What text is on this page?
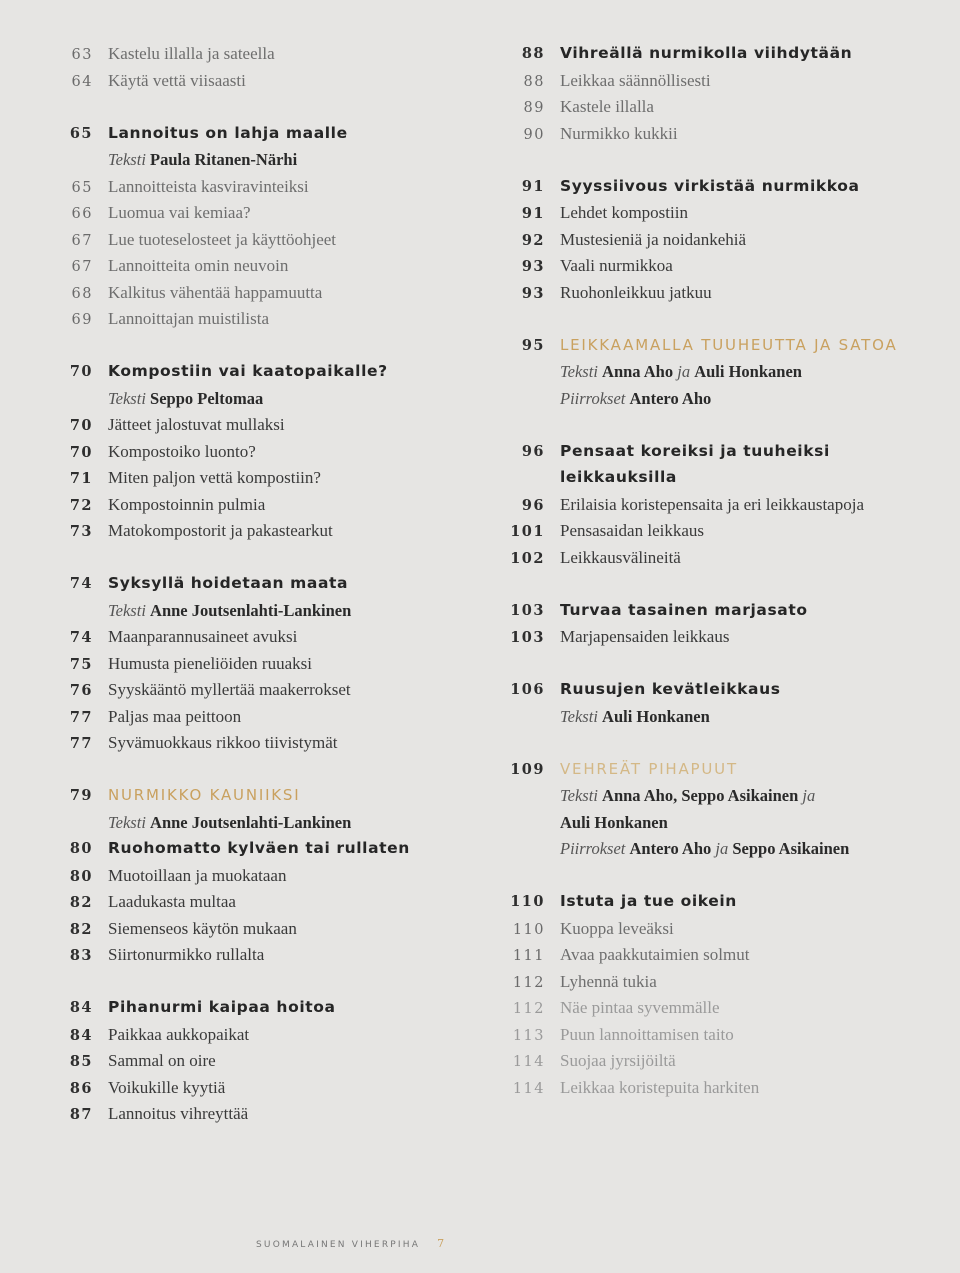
63 Kastelu illalla ja sateella
64 Käytä vettä viisaasti
65 Lannoitus on lahja maalle
Teksti Paula Ritanen-Närhi
65 Lannoitteista kasviravinteiksi
66 Luomua vai kemiaa?
67 Lue tuoteselosteet ja käyttöohjeet
67 Lannoitteita omin neuvoin
68 Kalkitus vähentää happamuutta
69 Lannoittajan muistilista
70 Kompostiin vai kaatopaikalle?
Teksti Seppo Peltomaa
70 Jätteet jalostuvat mullaksi
70 Kompostoiko luonto?
71 Miten paljon vettä kompostiin?
72 Kompostoinnin pulmia
73 Matokompostorit ja pakastearkut
74 Syksyllä hoidetaan maata
Teksti Anne Joutsenlahti-Lankinen
74 Maanparannusaineet avuksi
75 Humusta pieneliöiden ruuaksi
76 Syyskääntö myllertää maakerrokset
77 Paljas maa peittoon
77 Syvämuokkaus rikkoo tiivistymät
79 NURMIKKO KAUNIIKSI
Teksti Anne Joutsenlahti-Lankinen
80 Ruohomatto kylväen tai rullaten
80 Muotoillaan ja muokataan
82 Laadukasta multaa
82 Siemenseos käytön mukaan
83 Siirtonurmikko rullalta
84 Pihanurmi kaipaa hoitoa
84 Paikkaa aukkopaikat
85 Sammal on oire
86 Voikukille kyytiä
87 Lannoitus vihreyttää
88 Vihreällä nurmikolla viihdytään
88 Leikkaa säännöllisesti
89 Kastele illalla
90 Nurmikko kukkii
91 Syyssiivous virkistää nurmikkoa
91 Lehdet kompostiin
92 Mustesieniä ja noidankehiä
93 Vaali nurmikkoa
93 Ruohonleikkuu jatkuu
95 LEIKKAAMALLA TUUHEUTTA JA SATOA
Teksti Anna Aho ja Auli Honkanen
Piirrokset Antero Aho
96 Pensaat koreiksi ja tuuheiksi
leikkauksilla
96 Erilaisia koristepensaita ja eri leikkaustapoja
101 Pensasaidan leikkaus
102 Leikkausvälineitä
103 Turvaa tasainen marjasato
103 Marjapensaiden leikkaus
106 Ruusujen kevätleikkaus
Teksti Auli Honkanen
109 VEHREÄT PIHAPUUT
Teksti Anna Aho, Seppo Asikainen ja
Auli Honkanen
Piirrokset Antero Aho ja Seppo Asikainen
110 Istuta ja tue oikein
110 Kuoppa leveäksi
111 Avaa paakkutaimien solmut
112 Lyhennä tukia
112 Näe pintaa syvemmälle
113 Puun lannoittamisen taito
114 Suojaa jyrsijöiltä
114 Leikkaa koristepuita harkiten
SUOMALAINEN VIHERPIHA 7
